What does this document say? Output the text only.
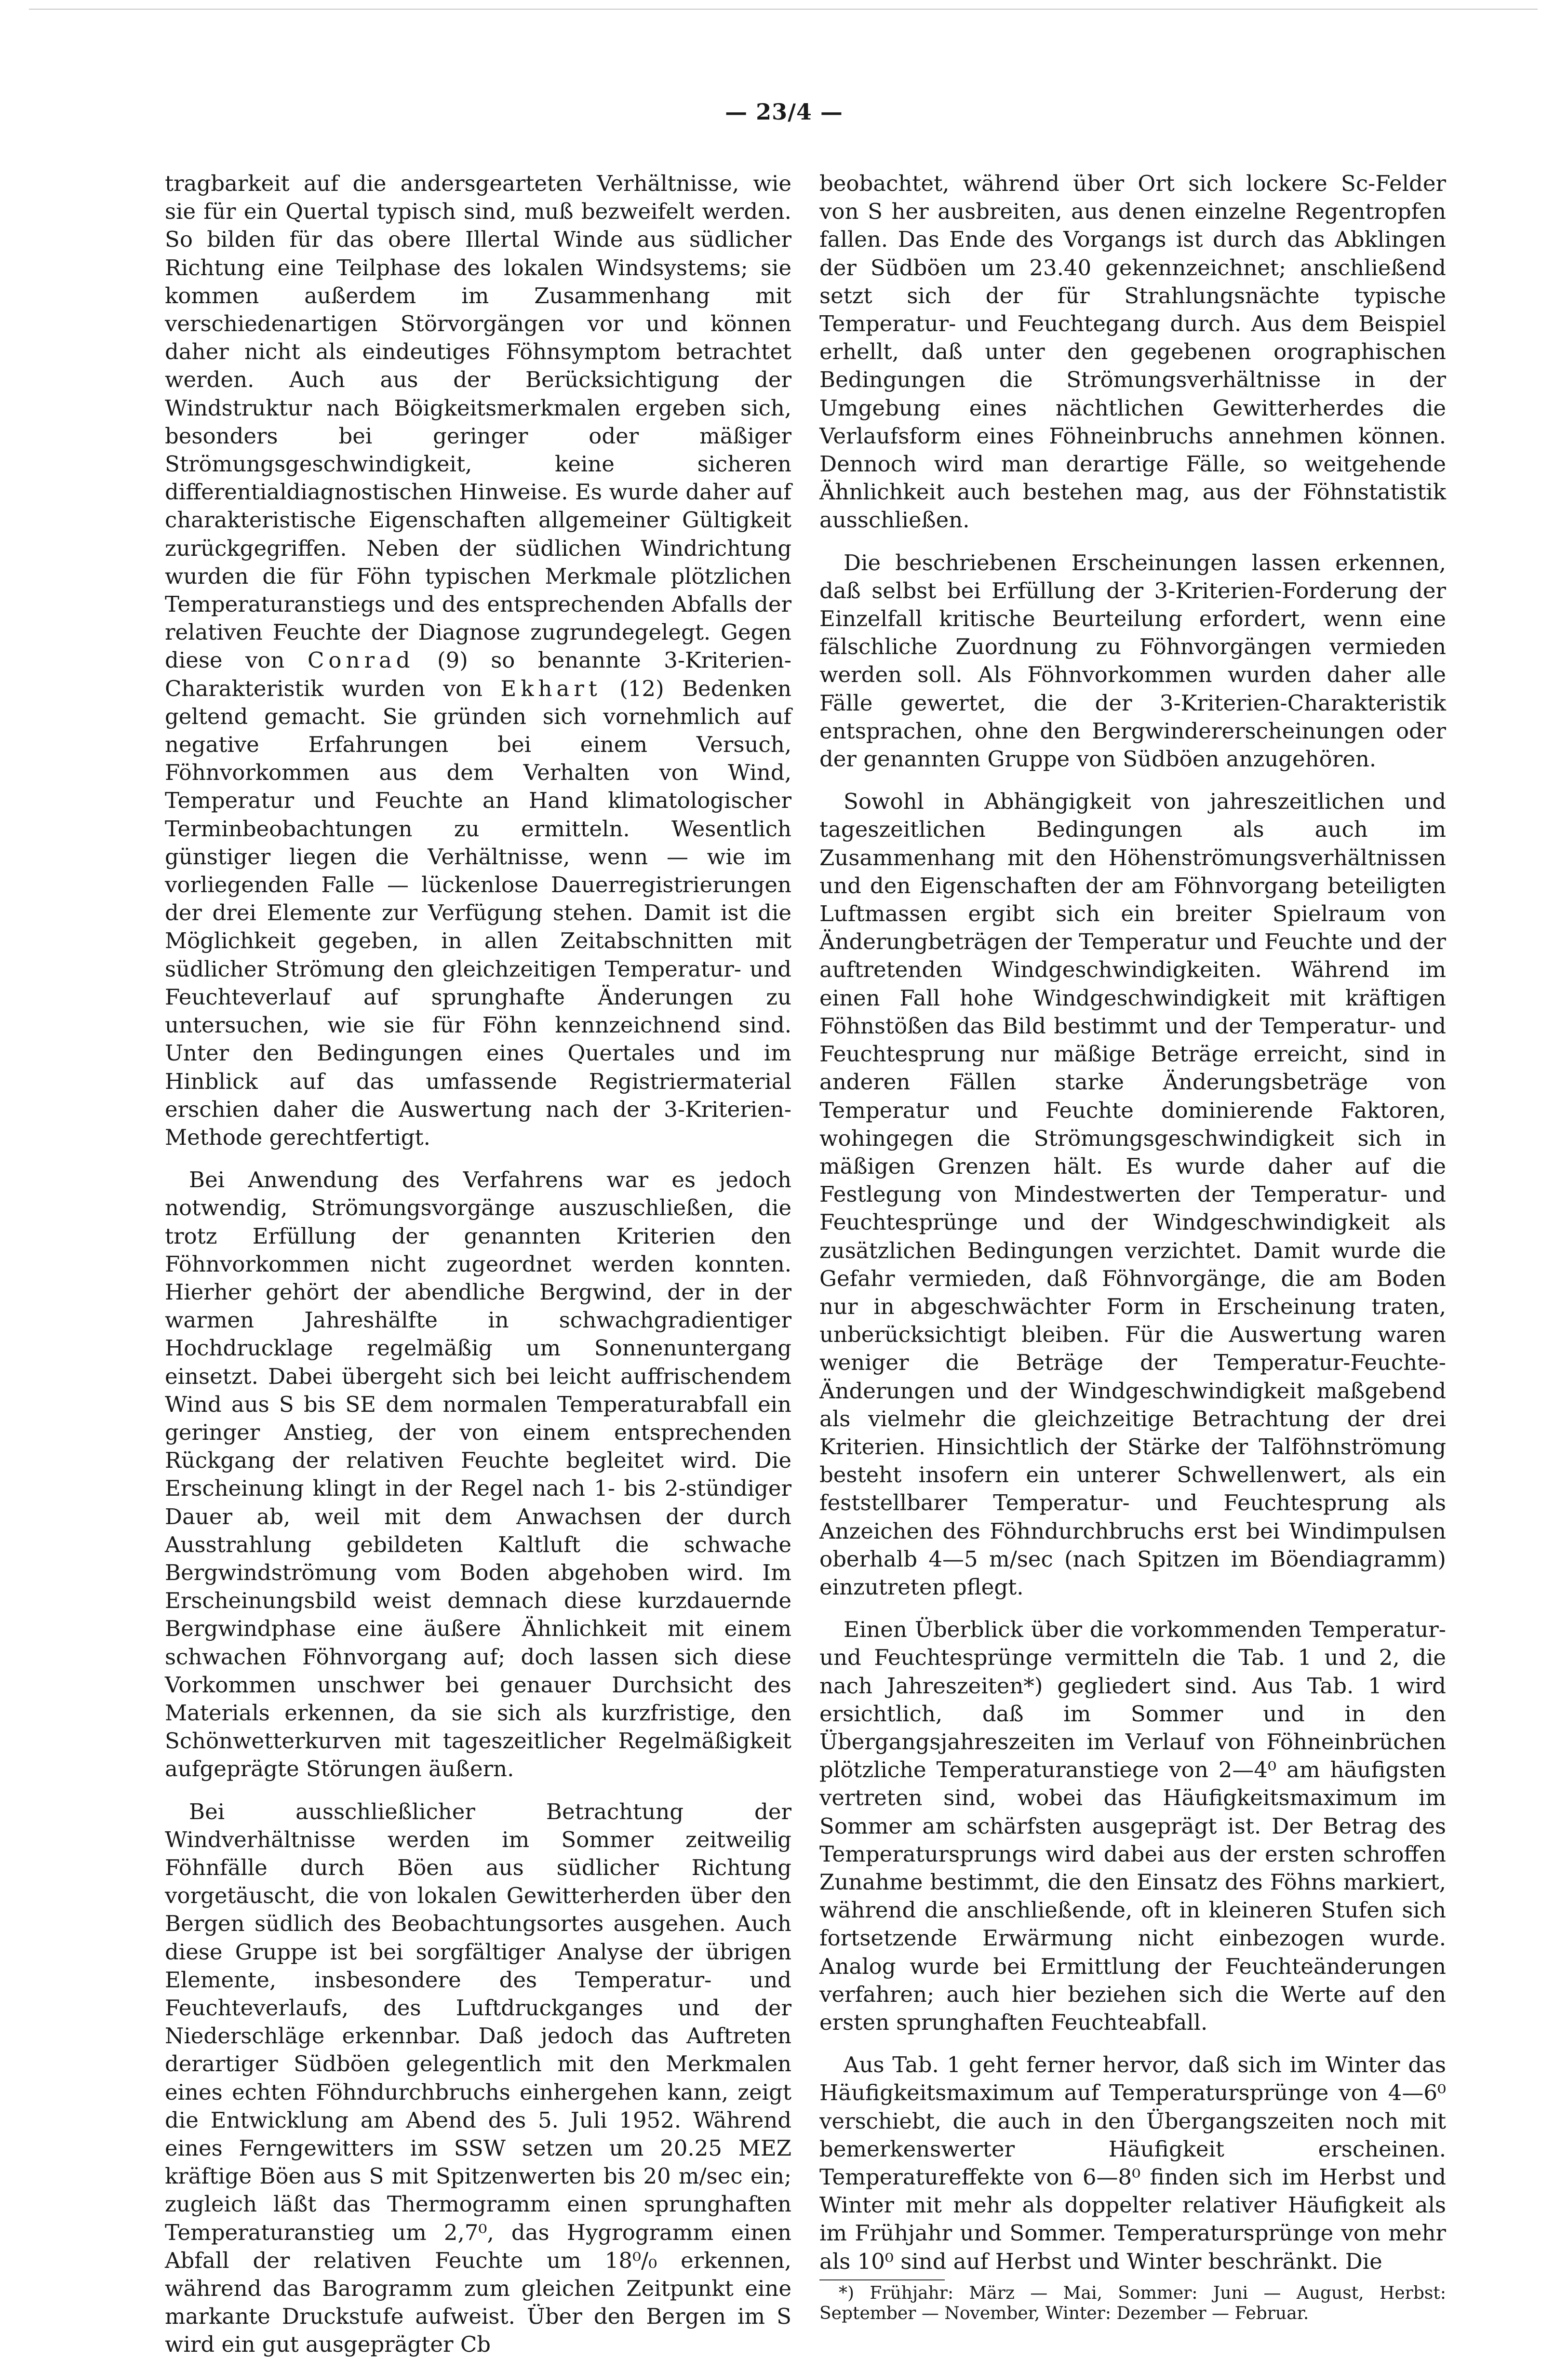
— 23/4 —

tragbarkeit auf die andersgearteten Verhältnisse, wie sie für ein Quertal typisch sind, muß bezweifelt werden. So bilden für das obere Illertal Winde aus südlicher Richtung eine Teilphase des lokalen Windsystems; sie kommen außerdem im Zusammenhang mit verschiedenartigen Störvorgängen vor und können daher nicht als eindeutiges Föhnsymptom betrachtet werden. Auch aus der Berücksichtigung der Windstruktur nach Böigkeitsmerkmalen ergeben sich, besonders bei geringer oder mäßiger Strömungsgeschwindigkeit, keine sicheren differentialdiagnostischen Hinweise. Es wurde daher auf charakteristische Eigenschaften allgemeiner Gültigkeit zurückgegriffen. Neben der südlichen Windrichtung wurden die für Föhn typischen Merkmale plötzlichen Temperaturanstiegs und des entsprechenden Abfalls der relativen Feuchte der Diagnose zugrundegelegt. Gegen diese von Conrad (9) so benannte 3-Kriterien-Charakteristik wurden von Ekhart (12) Bedenken geltend gemacht. Sie gründen sich vornehmlich auf negative Erfahrungen bei einem Versuch, Föhnvorkommen aus dem Verhalten von Wind, Temperatur und Feuchte an Hand klimatologischer Terminbeobachtungen zu ermitteln. Wesentlich günstiger liegen die Verhältnisse, wenn — wie im vorliegenden Falle — lückenlose Dauerregistrierungen der drei Elemente zur Verfügung stehen. Damit ist die Möglichkeit gegeben, in allen Zeitabschnitten mit südlicher Strömung den gleichzeitigen Temperatur- und Feuchteverlauf auf sprunghafte Änderungen zu untersuchen, wie sie für Föhn kennzeichnend sind. Unter den Bedingungen eines Quertales und im Hinblick auf das umfassende Registriermaterial erschien daher die Auswertung nach der 3-Kriterien-Methode gerechtfertigt.

Bei Anwendung des Verfahrens war es jedoch notwendig, Strömungsvorgänge auszuschließen, die trotz Erfüllung der genannten Kriterien den Föhnvorkommen nicht zugeordnet werden konnten. Hierher gehört der abendliche Bergwind, der in der warmen Jahreshälfte in schwachgradientiger Hochdrucklage regelmäßig um Sonnenuntergang einsetzt. Dabei übergeht sich bei leicht auffrischendem Wind aus S bis SE dem normalen Temperaturabfall ein geringer Anstieg, der von einem entsprechenden Rückgang der relativen Feuchte begleitet wird. Die Erscheinung klingt in der Regel nach 1- bis 2-stündiger Dauer ab, weil mit dem Anwachsen der durch Ausstrahlung gebildeten Kaltluft die schwache Bergwindströmung vom Boden abgehoben wird. Im Erscheinungsbild weist demnach diese kurzdauernde Bergwindphase eine äußere Ähnlichkeit mit einem schwachen Föhnvorgang auf; doch lassen sich diese Vorkommen unschwer bei genauer Durchsicht des Materials erkennen, da sie sich als kurzfristige, den Schönwetterkurven mit tageszeitlicher Regelmäßigkeit aufgeprägte Störungen äußern.

Bei ausschließlicher Betrachtung der Windverhältnisse werden im Sommer zeitweilig Föhnfälle durch Böen aus südlicher Richtung vorgetäuscht, die von lokalen Gewitterherden über den Bergen südlich des Beobachtungsortes ausgehen. Auch diese Gruppe ist bei sorgfältiger Analyse der übrigen Elemente, insbesondere des Temperatur- und Feuchteverlaufs, des Luftdruckganges und der Niederschläge erkennbar. Daß jedoch das Auftreten derartiger Südböen gelegentlich mit den Merkmalen eines echten Föhndurchbruchs einhergehen kann, zeigt die Entwicklung am Abend des 5. Juli 1952. Während eines Ferngewitters im SSW setzen um 20.25 MEZ kräftige Böen aus S mit Spitzenwerten bis 20 m/sec ein; zugleich läßt das Thermogramm einen sprunghaften Temperaturanstieg um 2,7⁰, das Hygrogramm einen Abfall der relativen Feuchte um 18⁰/₀ erkennen, während das Barogramm zum gleichen Zeitpunkt eine markante Druckstufe aufweist. Über den Bergen im S wird ein gut ausgeprägter Cb

beobachtet, während über Ort sich lockere Sc-Felder von S her ausbreiten, aus denen einzelne Regentropfen fallen. Das Ende des Vorgangs ist durch das Abklingen der Südböen um 23.40 gekennzeichnet; anschließend setzt sich der für Strahlungsnächte typische Temperatur- und Feuchtegang durch. Aus dem Beispiel erhellt, daß unter den gegebenen orographischen Bedingungen die Strömungsverhältnisse in der Umgebung eines nächtlichen Gewitterherdes die Verlaufsform eines Föhneinbruchs annehmen können. Dennoch wird man derartige Fälle, so weitgehende Ähnlichkeit auch bestehen mag, aus der Föhnstatistik ausschließen.

Die beschriebenen Erscheinungen lassen erkennen, daß selbst bei Erfüllung der 3-Kriterien-Forderung der Einzelfall kritische Beurteilung erfordert, wenn eine fälschliche Zuordnung zu Föhnvorgängen vermieden werden soll. Als Föhnvorkommen wurden daher alle Fälle gewertet, die der 3-Kriterien-Charakteristik entsprachen, ohne den Bergwindererscheinungen oder der genannten Gruppe von Südböen anzugehören.

Sowohl in Abhängigkeit von jahreszeitlichen und tageszeitlichen Bedingungen als auch im Zusammenhang mit den Höhenströmungsverhältnissen und den Eigenschaften der am Föhnvorgang beteiligten Luftmassen ergibt sich ein breiter Spielraum von Änderungbeträgen der Temperatur und Feuchte und der auftretenden Windgeschwindigkeiten. Während im einen Fall hohe Windgeschwindigkeit mit kräftigen Föhnstößen das Bild bestimmt und der Temperatur- und Feuchtesprung nur mäßige Beträge erreicht, sind in anderen Fällen starke Änderungsbeträge von Temperatur und Feuchte dominierende Faktoren, wohingegen die Strömungsgeschwindigkeit sich in mäßigen Grenzen hält. Es wurde daher auf die Festlegung von Mindestwerten der Temperatur- und Feuchtesprünge und der Windgeschwindigkeit als zusätzlichen Bedingungen verzichtet. Damit wurde die Gefahr vermieden, daß Föhnvorgänge, die am Boden nur in abgeschwächter Form in Erscheinung traten, unberücksichtigt bleiben. Für die Auswertung waren weniger die Beträge der Temperatur-Feuchte-Änderungen und der Windgeschwindigkeit maßgebend als vielmehr die gleichzeitige Betrachtung der drei Kriterien. Hinsichtlich der Stärke der Talföhnströmung besteht insofern ein unterer Schwellenwert, als ein feststellbarer Temperatur- und Feuchtesprung als Anzeichen des Föhndurchbruchs erst bei Windimpulsen oberhalb 4—5 m/sec (nach Spitzen im Böendiagramm) einzutreten pflegt.

Einen Überblick über die vorkommenden Temperatur- und Feuchtesprünge vermitteln die Tab. 1 und 2, die nach Jahreszeiten*) gegliedert sind. Aus Tab. 1 wird ersichtlich, daß im Sommer und in den Übergangsjahreszeiten im Verlauf von Föhneinbrüchen plötzliche Temperaturanstiege von 2—4⁰ am häufigsten vertreten sind, wobei das Häufigkeitsmaximum im Sommer am schärfsten ausgeprägt ist. Der Betrag des Temperatursprungs wird dabei aus der ersten schroffen Zunahme bestimmt, die den Einsatz des Föhns markiert, während die anschließende, oft in kleineren Stufen sich fortsetzende Erwärmung nicht einbezogen wurde. Analog wurde bei Ermittlung der Feuchteänderungen verfahren; auch hier beziehen sich die Werte auf den ersten sprunghaften Feuchteabfall.

Aus Tab. 1 geht ferner hervor, daß sich im Winter das Häufigkeitsmaximum auf Temperatursprünge von 4—6⁰ verschiebt, die auch in den Übergangszeiten noch mit bemerkenswerter Häufigkeit erscheinen. Temperatureffekte von 6—8⁰ finden sich im Herbst und Winter mit mehr als doppelter relativer Häufigkeit als im Frühjahr und Sommer. Temperatursprünge von mehr als 10⁰ sind auf Herbst und Winter beschränkt. Die

*) Frühjahr: März — Mai, Sommer: Juni — August, Herbst: September — November, Winter: Dezember — Februar.
